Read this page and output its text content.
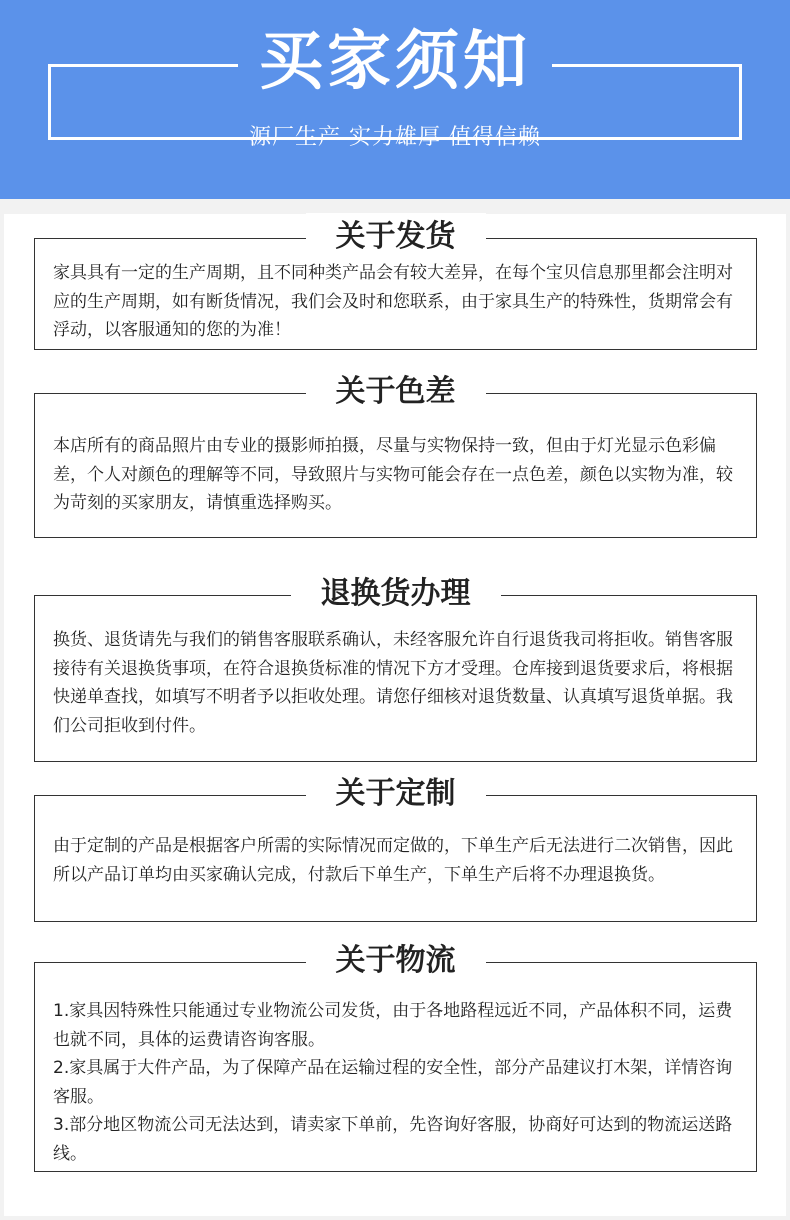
买家须知
源厂生产 实力雄厚 值得信赖
关于发货

家具具有一定的生产周期，且不同种类产品会有较大差异，在每个宝贝信息那里都会注明对应的生产周期，如有断货情况，我们会及时和您联系，由于家具生产的特殊性，货期常会有浮动，以客服通知的您的为准！

关于色差

本店所有的商品照片由专业的摄影师拍摄，尽量与实物保持一致，但由于灯光显示色彩偏差，个人对颜色的理解等不同，导致照片与实物可能会存在一点色差，颜色以实物为准，较为苛刻的买家朋友，请慎重选择购买。

退换货办理

换货、退货请先与我们的销售客服联系确认，未经客服允许自行退货我司将拒收。销售客服接待有关退换货事项，在符合退换货标准的情况下方才受理。仓库接到退货要求后，将根据快递单查找，如填写不明者予以拒收处理。请您仔细核对退货数量、认真填写退货单据。我们公司拒收到付件。

关于定制

由于定制的产品是根据客户所需的实际情况而定做的，下单生产后无法进行二次销售，因此所以产品订单均由买家确认完成，付款后下单生产，下单生产后将不办理退换货。

关于物流

1.家具因特殊性只能通过专业物流公司发货，由于各地路程远近不同，产品体积不同，运费也就不同，具体的运费请咨询客服。

2.家具属于大件产品，为了保障产品在运输过程的安全性，部分产品建议打木架，详情咨询客服。

3.部分地区物流公司无法达到，请卖家下单前，先咨询好客服，协商好可达到的物流运送路线。
